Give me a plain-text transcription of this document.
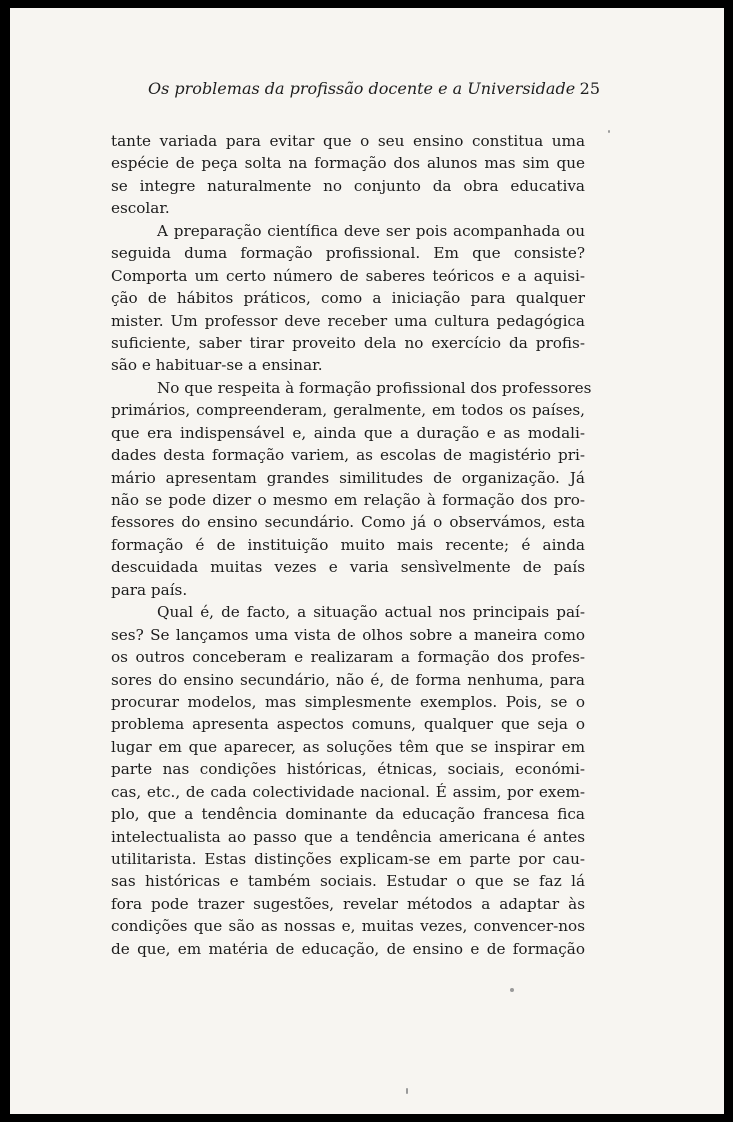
Os problemas da profissão docente e a Universidade 25
tante variada para evitar que o seu ensino constitua uma
espécie de peça solta na formação dos alunos mas sim que
se integre naturalmente no conjunto da obra educativa
escolar.
A preparação científica deve ser pois acompanhada ou
seguida duma formação profissional. Em que consiste?
Comporta um certo número de saberes teóricos e a aquisi-
ção de hábitos práticos, como a iniciação para qualquer
mister. Um professor deve receber uma cultura pedagógica
suficiente, saber tirar proveito dela no exercício da profis-
são e habituar-se a ensinar.
No que respeita à formação profissional dos professores
primários, compreenderam, geralmente, em todos os países,
que era indispensável e, ainda que a duração e as modali-
dades desta formação variem, as escolas de magistério pri-
mário apresentam grandes similitudes de organização. Já
não se pode dizer o mesmo em relação à formação dos pro-
fessores do ensino secundário. Como já o observámos, esta
formação é de instituição muito mais recente; é ainda
descuidada muitas vezes e varia sensìvelmente de país
para país.
Qual é, de facto, a situação actual nos principais paí-
ses? Se lançamos uma vista de olhos sobre a maneira como
os outros conceberam e realizaram a formação dos profes-
sores do ensino secundário, não é, de forma nenhuma, para
procurar modelos, mas simplesmente exemplos. Pois, se o
problema apresenta aspectos comuns, qualquer que seja o
lugar em que aparecer, as soluções têm que se inspirar em
parte nas condições históricas, étnicas, sociais, económi-
cas, etc., de cada colectividade nacional. É assim, por exem-
plo, que a tendência dominante da educação francesa fica
intelectualista ao passo que a tendência americana é antes
utilitarista. Estas distinções explicam-se em parte por cau-
sas históricas e também sociais. Estudar o que se faz lá
fora pode trazer sugestões, revelar métodos a adaptar às
condições que são as nossas e, muitas vezes, convencer-nos
de que, em matéria de educação, de ensino e de formação
